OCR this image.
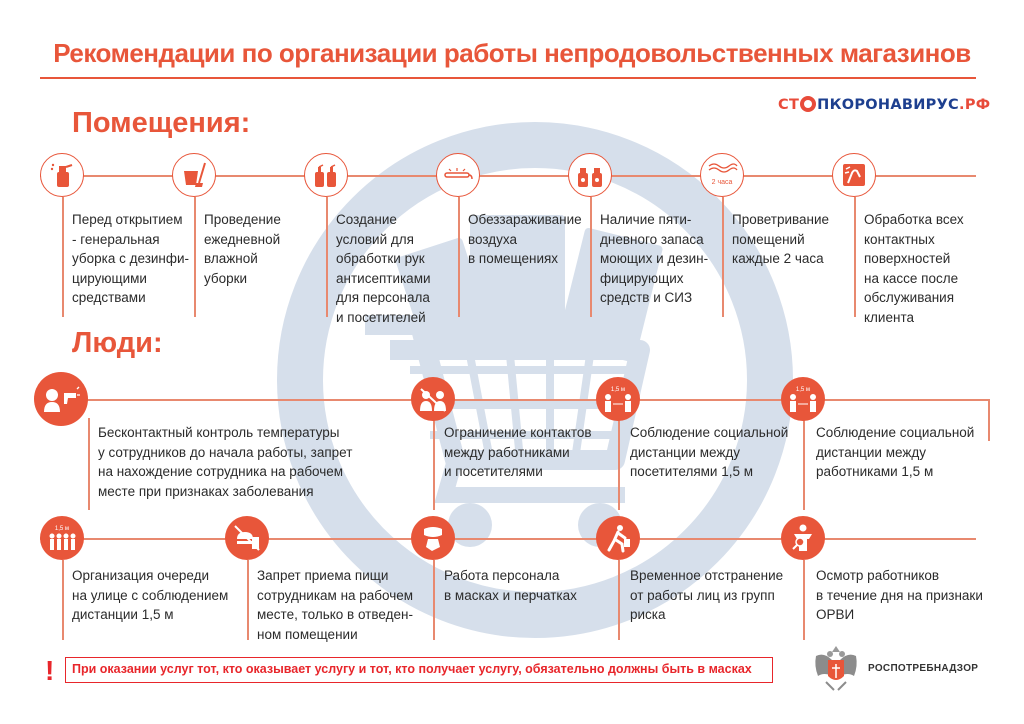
Рекомендации по организации работы непродовольственных магазинов
СТ ПКОРОНАВИРУС.РФ
Помещения:
Люди:
2 часа
Перед открытием
- генеральная
уборка с дезинфи-
цирующими
средствами
Проведение
ежедневной
влажной
уборки
Создание
условий для
обработки рук
антисептиками
для персонала
и посетителей
Обеззараживание
воздуха
в помещениях
Наличие пяти-
дневного запаса
моющих и дезин-
фицирующих
средств и СИЗ
Проветривание
помещений
каждые 2 часа
Обработка всех
контактных
поверхностей
на кассе после
обслуживания
клиента
1,5 м	1,5 м
Бесконтактный контроль температуры
у сотрудников до начала работы, запрет
на нахождение сотрудника на рабочем
месте при признаках заболевания
Ограничение контактов
между работниками
и посетителями
Соблюдение социальной
дистанции между
посетителями 1,5 м
Соблюдение социальной
дистанции между
работниками 1,5 м
1,5 м
Организация очереди
на улице с соблюдением
дистанции 1,5 м
Запрет приема пищи
сотрудникам на рабочем
месте, только в отведен-
ном помещении
Работа персонала
в масках и перчатках
Временное отстранение
от работы лиц из групп
риска
Осмотр работников
в течение дня на признаки
ОРВИ
!	При оказании услуг тот, кто оказывает услугу и тот, кто получает услугу, обязательно должны быть в масках	РОСПОТРЕБНАДЗОР
